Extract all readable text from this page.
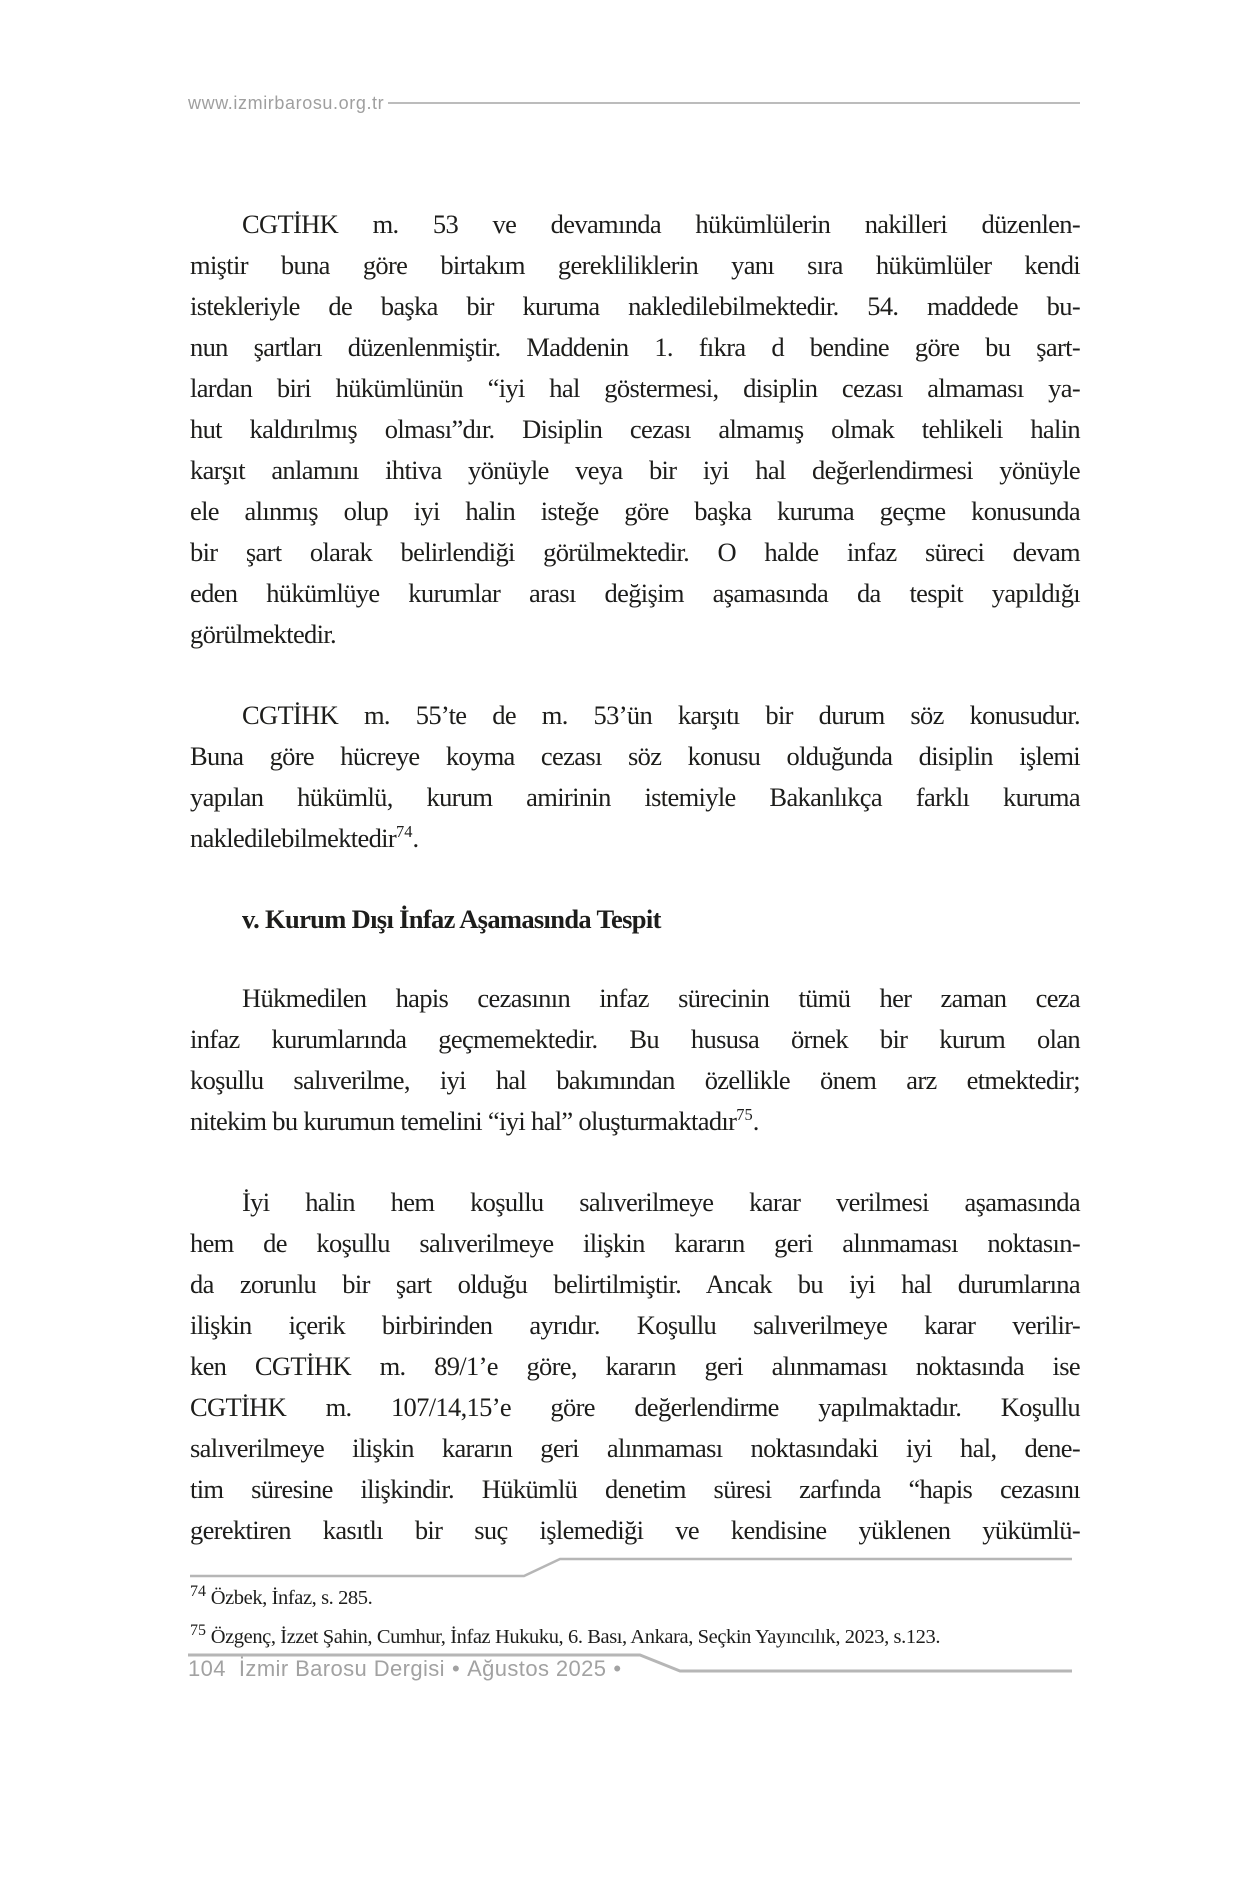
www.izmirbarosu.org.tr
CGTİHK m. 53 ve devamında hükümlülerin nakilleri düzenlen-
miştir buna göre birtakım gerekliliklerin yanı sıra hükümlüler kendi
istekleriyle de başka bir kuruma nakledilebilmektedir. 54. maddede bu-
nun şartları düzenlenmiştir. Maddenin 1. fıkra d bendine göre bu şart-
lardan biri hükümlünün “iyi hal göstermesi, disiplin cezası almaması ya-
hut kaldırılmış olması”dır. Disiplin cezası almamış olmak tehlikeli halin
karşıt anlamını ihtiva yönüyle veya bir iyi hal değerlendirmesi yönüyle
ele alınmış olup iyi halin isteğe göre başka kuruma geçme konusunda
bir şart olarak belirlendiği görülmektedir. O halde infaz süreci devam
eden hükümlüye kurumlar arası değişim aşamasında da tespit yapıldığı
görülmektedir.
CGTİHK m. 55’te de m. 53’ün karşıtı bir durum söz konusudur.
Buna göre hücreye koyma cezası söz konusu olduğunda disiplin işlemi
yapılan hükümlü, kurum amirinin istemiyle Bakanlıkça farklı kuruma
nakledilebilmektedir$^{74}$.
v. Kurum Dışı İnfaz Aşamasında Tespit
Hükmedilen hapis cezasının infaz sürecinin tümü her zaman ceza
infaz kurumlarında geçmemektedir. Bu hususa örnek bir kurum olan
koşullu salıverilme, iyi hal bakımından özellikle önem arz etmektedir;
nitekim bu kurumun temelini “iyi hal” oluşturmaktadır$^{75}$.
İyi halin hem koşullu salıverilmeye karar verilmesi aşamasında
hem de koşullu salıverilmeye ilişkin kararın geri alınmaması noktasın-
da zorunlu bir şart olduğu belirtilmiştir. Ancak bu iyi hal durumlarına
ilişkin içerik birbirinden ayrıdır. Koşullu salıverilmeye karar verilir-
ken CGTİHK m. 89/1’e göre, kararın geri alınmaması noktasında ise
CGTİHK m. 107/14,15’e göre değerlendirme yapılmaktadır. Koşullu
salıverilmeye ilişkin kararın geri alınmaması noktasındaki iyi hal, dene-
tim süresine ilişkindir. Hükümlü denetim süresi zarfında “hapis cezasını
gerektiren kasıtlı bir suç işlemediği ve kendisine yüklenen yükümlü-
$^{74}$ Özbek, İnfaz, s. 285.
$^{75}$ Özgenç, İzzet Şahin, Cumhur, İnfaz Hukuku, 6. Bası, Ankara, Seçkin Yayıncılık, 2023, s.123.
104 İzmir Barosu Dergisi • Ağustos 2025 •
